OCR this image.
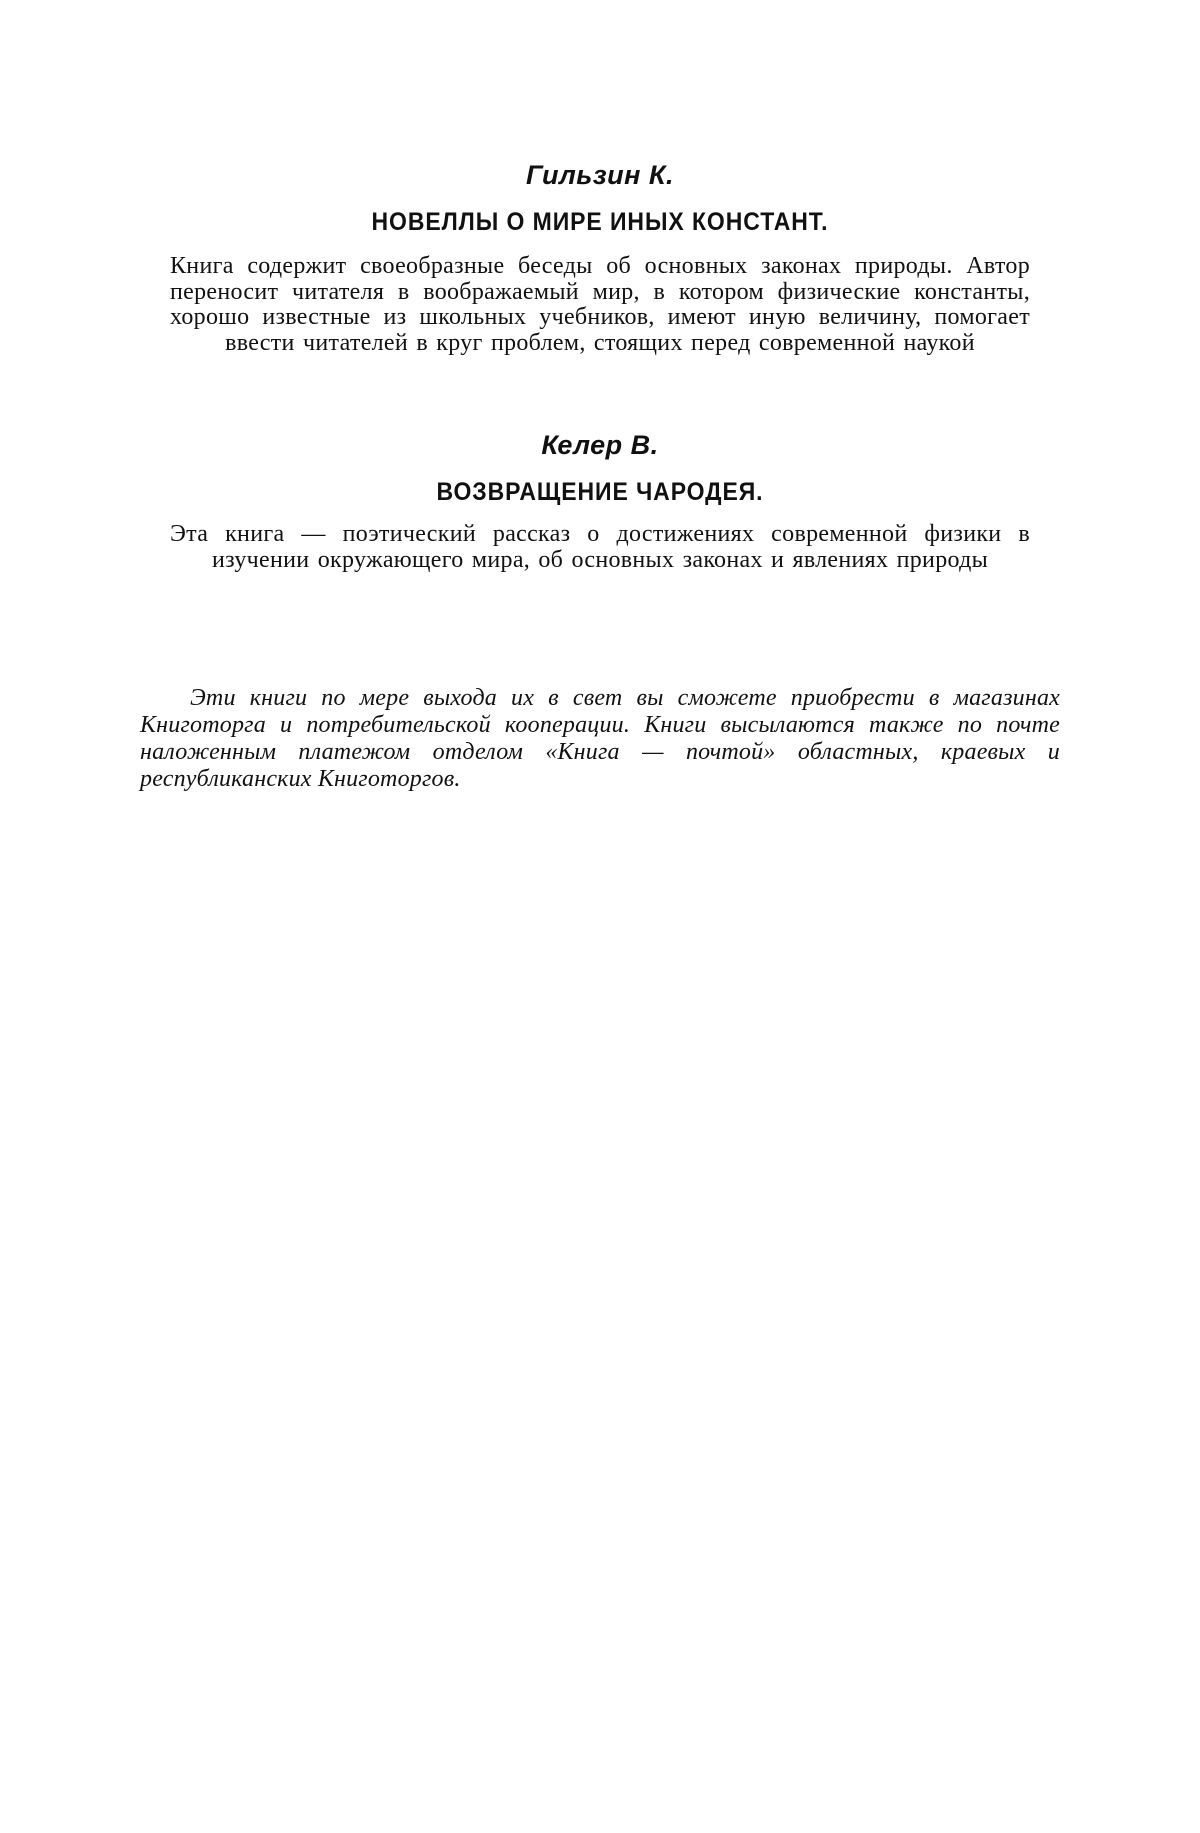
Гильзин К.

НОВЕЛЛЫ О МИРЕ ИНЫХ КОНСТАНТ.

Книга содержит своеобразные беседы об основных законах природы. Автор переносит читателя в воображаемый мир, в котором физические константы, хорошо известные из школьных учебников, имеют иную величину, помогает ввести читателей в круг проблем, стоящих перед современной наукой

Келер В.

ВОЗВРАЩЕНИЕ ЧАРОДЕЯ.

Эта книга — поэтический рассказ о достижениях современной физики в изучении окружающего мира, об основных законах и явлениях природы

Эти книги по мере выхода их в свет вы сможете приобрести в магазинах Книготорга и потребительской кооперации. Книги высылаются также по почте наложенным платежом отделом «Книга — почтой» областных, краевых и республиканских Книготоргов.
